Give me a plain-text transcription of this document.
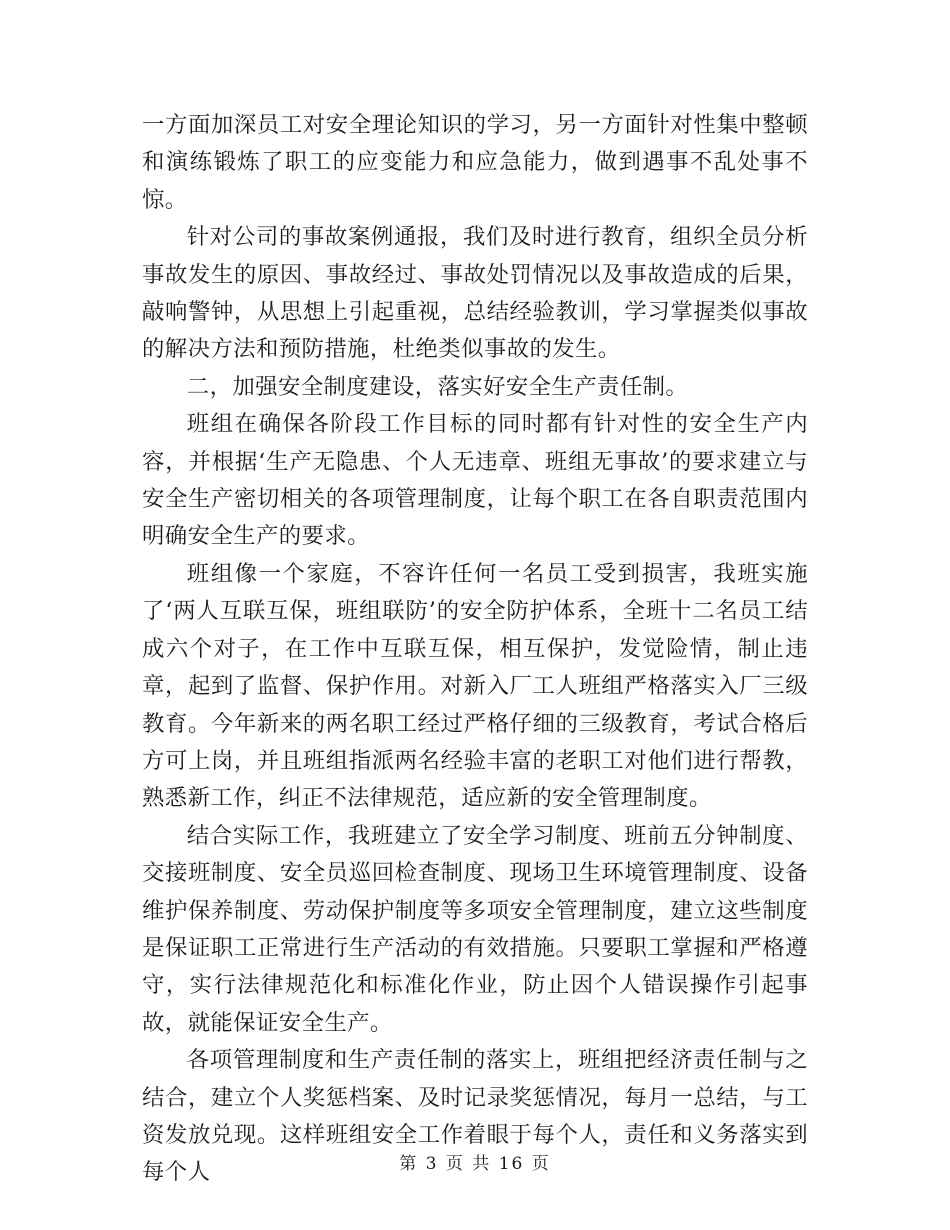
一方面加深员工对安全理论知识的学习，另一方面针对性集中整顿和演练锻炼了职工的应变能力和应急能力，做到遇事不乱处事不惊。

针对公司的事故案例通报，我们及时进行教育，组织全员分析事故发生的原因、事故经过、事故处罚情况以及事故造成的后果，敲响警钟，从思想上引起重视，总结经验教训，学习掌握类似事故的解决方法和预防措施，杜绝类似事故的发生。

二，加强安全制度建设，落实好安全生产责任制。

班组在确保各阶段工作目标的同时都有针对性的安全生产内容，并根据‘生产无隐患、个人无违章、班组无事故’的要求建立与安全生产密切相关的各项管理制度，让每个职工在各自职责范围内明确安全生产的要求。

班组像一个家庭，不容许任何一名员工受到损害，我班实施了‘两人互联互保，班组联防’的安全防护体系，全班十二名员工结成六个对子，在工作中互联互保，相互保护，发觉险情，制止违章，起到了监督、保护作用。对新入厂工人班组严格落实入厂三级教育。今年新来的两名职工经过严格仔细的三级教育，考试合格后方可上岗，并且班组指派两名经验丰富的老职工对他们进行帮教，熟悉新工作，纠正不法律规范，适应新的安全管理制度。

结合实际工作，我班建立了安全学习制度、班前五分钟制度、交接班制度、安全员巡回检查制度、现场卫生环境管理制度、设备维护保养制度、劳动保护制度等多项安全管理制度，建立这些制度是保证职工正常进行生产活动的有效措施。只要职工掌握和严格遵守，实行法律规范化和标准化作业，防止因个人错误操作引起事故，就能保证安全生产。

各项管理制度和生产责任制的落实上，班组把经济责任制与之结合，建立个人奖惩档案、及时记录奖惩情况，每月一总结，与工资发放兑现。这样班组安全工作着眼于每个人，责任和义务落实到每个人	第 3 页 共 16 页
